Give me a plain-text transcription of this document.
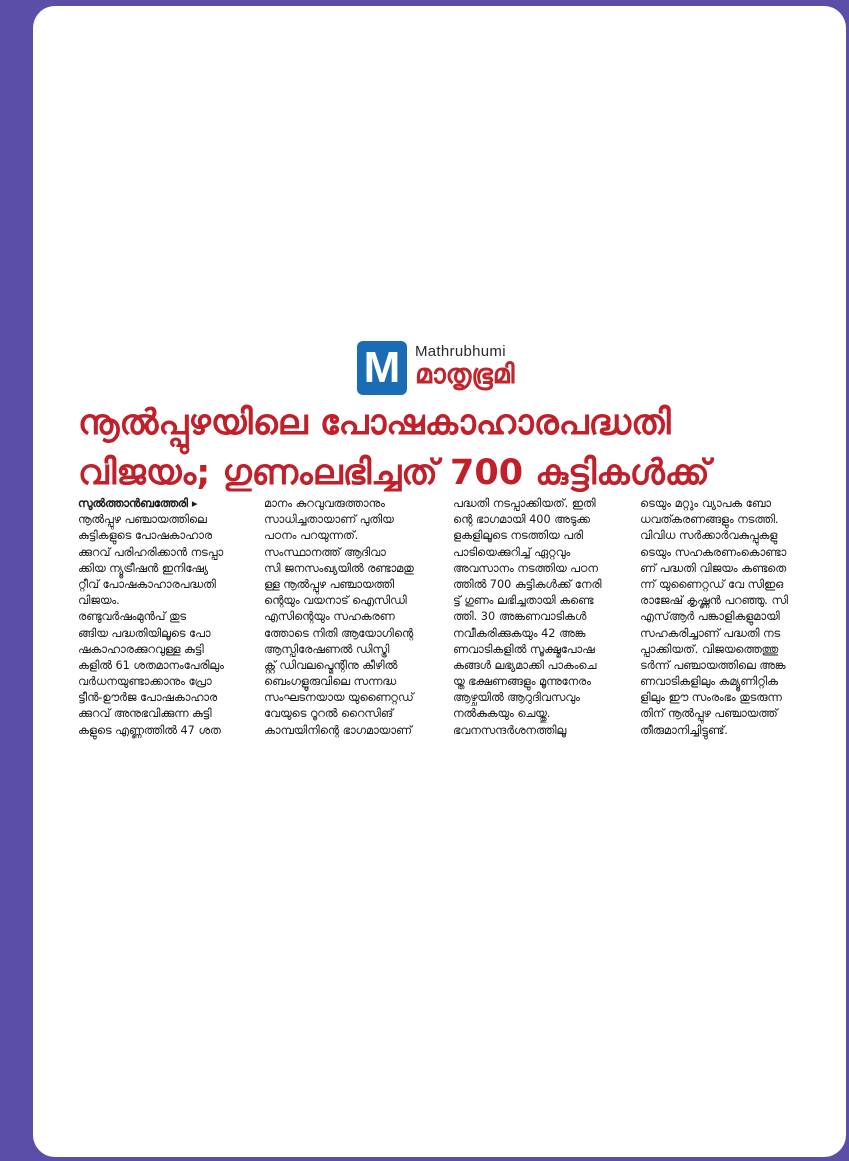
M Mathrubhumi
മാതൃഭൂമി
നൂൽപ്പുഴയിലെ പോഷകാഹാരപദ്ധതി
വിജയം; ഗുണംലഭിച്ചത് 700 കുട്ടികൾക്ക്
സുൽത്താൻബത്തേരി ▸
നൂൽപ്പുഴ പഞ്ചായത്തിലെ
കുട്ടികളുടെ പോഷകാഹാര
ക്കുറവ് പരിഹരിക്കാൻ നടപ്പാ
ക്കിയ ന്യൂട്രീഷൻ ഇനിഷ്യേ
റ്റീവ് പോഷകാഹാരപദ്ധതി
വിജയം.
രണ്ടുവർഷംമുൻപ് തുട
ങ്ങിയ പദ്ധതിയിലൂടെ പോ
ഷകാഹാരക്കുറവുള്ള കുട്ടി
കളിൽ 61 ശതമാനംപേരിലും
വർധനയുണ്ടാക്കാനും പ്രോ
ട്ടീൻ-ഊർജ പോഷകാഹാര
ക്കുറവ് അനുഭവിക്കുന്ന കുട്ടി
കളുടെ എണ്ണത്തിൽ 47 ശത
മാനം കുറവുവരുത്താനും
സാധിച്ചതായാണ് പുതിയ
പഠനം പറയുന്നത്.
സംസ്ഥാനത്ത് ആദിവാ
സി ജനസംഖ്യയിൽ രണ്ടാമതു
ള്ള നൂൽപ്പുഴ പഞ്ചായത്തി
ന്റെയും വയനാട് ഐസിഡി
എസിന്റെയും സഹകരണ
ത്തോടെ നിതി ആയോഗിന്റെ
ആസ്പിരേഷണൽ ഡിസ്ട്രി
ക്റ്റ് ഡിവലപ്മെന്റിനു കീഴിൽ
ബെംഗളൂരുവിലെ സന്നദ്ധ
സംഘടനയായ യുണൈറ്റഡ്
വേയുടെ റൂറൽ റൈസിങ്
കാമ്പയിനിന്റെ ഭാഗമായാണ്
പദ്ധതി നടപ്പാക്കിയത്. ഇതി
ന്റെ ഭാഗമായി 400 അടുക്ക
ളകളിലൂടെ നടത്തിയ പരി
പാടിയെക്കുറിച്ച് ഏറ്റവും
അവസാനം നടത്തിയ പഠന
ത്തിൽ 700 കുട്ടികൾക്ക് നേരി
ട്ട് ഗുണം ലഭിച്ചതായി കണ്ടെ
ത്തി. 30 അങ്കണവാടികൾ
നവീകരിക്കുകയും 42 അങ്ക
ണവാടികളിൽ സൂക്ഷ്മപോഷ
കങ്ങൾ ലഭ്യമാക്കി പാകംചെ
യ്ത ഭക്ഷണങ്ങളും മൂന്നുനേരം
ആഴ്ചയിൽ ആറുദിവസവും
നൽകുകയും ചെയ്തു.
ഭവനസന്ദർശനത്തിലൂ
ടെയും മറ്റും വ്യാപക ബോ
ധവത്കരണങ്ങളും നടത്തി.
വിവിധ സർക്കാർവകുപ്പുകളു
ടെയും സഹകരണംകൊണ്ടാ
ണ് പദ്ധതി വിജയം കണ്ടതെ
ന്ന് യുണൈറ്റഡ് വേ സിഇഒ
രാജേഷ് കൃഷ്ണൻ പറഞ്ഞു. സി
എസ്ആർ പങ്കാളികളുമായി
സഹകരിച്ചാണ് പദ്ധതി നട
പ്പാക്കിയത്. വിജയത്തെത്തു
ടർന്ന് പഞ്ചായത്തിലെ അങ്ക
ണവാടികളിലും കമ്യൂണിറ്റിക
ളിലും ഈ സംരംഭം തുടരുന്ന
തിന് നൂൽപ്പുഴ പഞ്ചായത്ത്
തീരുമാനിച്ചിട്ടുണ്ട്.
